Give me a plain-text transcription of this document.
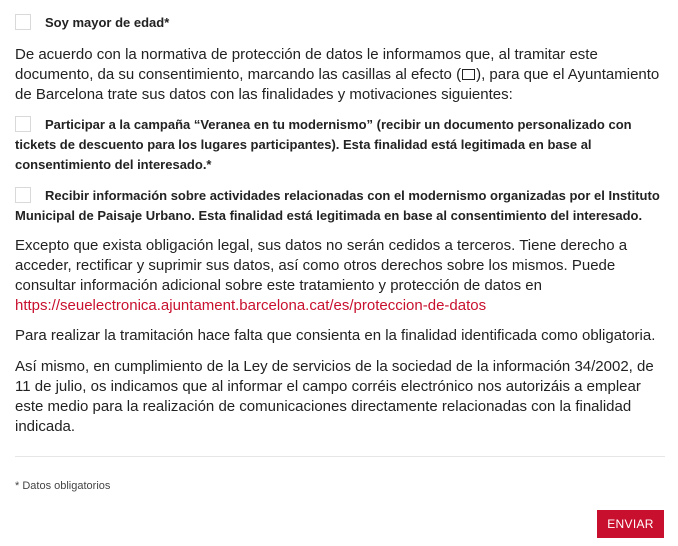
Soy mayor de edad*

De acuerdo con la normativa de protección de datos le informamos que, al tramitar este documento, da su consentimiento, marcando las casillas al efecto ( ), para que el Ayuntamiento de Barcelona trate sus datos con las finalidades y motivaciones siguientes:

Participar a la campaña “Veranea en tu modernismo” (recibir un documento personalizado con tickets de descuento para los lugares participantes). Esta finalidad está legitimada en base al consentimiento del interesado.*
Recibir información sobre actividades relacionadas con el modernismo organizadas por el Instituto Municipal de Paisaje Urbano. Esta finalidad está legitimada en base al consentimiento del interesado.

Excepto que exista obligación legal, sus datos no serán cedidos a terceros. Tiene derecho a acceder, rectificar y suprimir sus datos, así como otros derechos sobre los mismos. Puede consultar información adicional sobre este tratamiento y protección de datos en
https://seuelectronica.ajuntament.barcelona.cat/es/proteccion-de-datos

Para realizar la tramitación hace falta que consienta en la finalidad identificada como obligatoria.

Así mismo, en cumplimiento de la Ley de servicios de la sociedad de la información 34/2002, de 11 de julio, os indicamos que al informar el campo corréis electrónico nos autorizáis a emplear este medio para la realización de comunicaciones directamente relacionadas con la finalidad indicada.

* Datos obligatorios
ENVIAR
